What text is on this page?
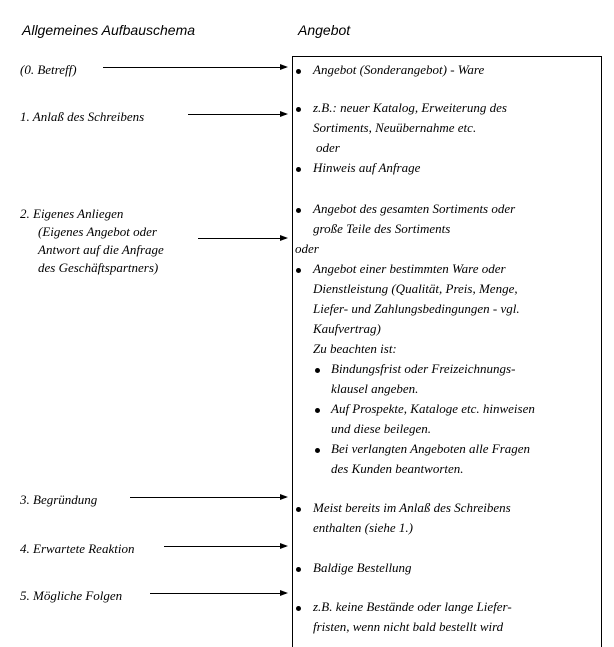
Allgemeines Aufbauschema	Angebot
(0. Betreff)
1. Anlaß des Schreibens
2. Eigenes Anliegen
(Eigenes Angebot oder
Antwort auf die Anfrage
des Geschäftspartners)
3. Begründung
4. Erwartete Reaktion
5. Mögliche Folgen
Angebot (Sonderangebot) - Ware
z.B.: neuer Katalog, Erweiterung des
Sortiments, Neuübernahme etc.
oder
Hinweis auf Anfrage
Angebot des gesamten Sortiments oder
große Teile des Sortiments
oder
Angebot einer bestimmten Ware oder
Dienstleistung (Qualität, Preis, Menge,
Liefer- und Zahlungsbedingungen - vgl.
Kaufvertrag)
Zu beachten ist:
Bindungsfrist oder Freizeichnungs-
klausel angeben.
Auf Prospekte, Kataloge etc. hinweisen
und diese beilegen.
Bei verlangten Angeboten alle Fragen
des Kunden beantworten.
Meist bereits im Anlaß des Schreibens
enthalten (siehe 1.)
Baldige Bestellung
z.B. keine Bestände oder lange Liefer-
fristen, wenn nicht bald bestellt wird
